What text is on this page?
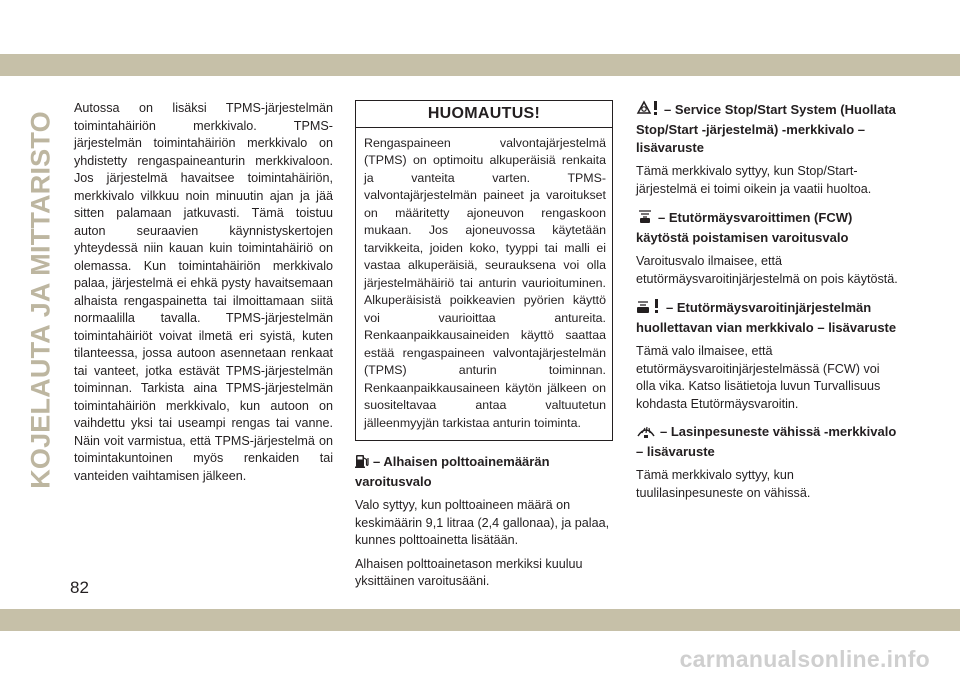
KOJELAUTA JA MITTARISTO

Autossa on lisäksi TPMS-järjestelmän toimintahäiriön merkkivalo. TPMS-järjestelmän toimintahäiriön merkkivalo on yhdistetty rengaspaineanturin merkkivaloon. Jos järjestelmä havaitsee toimintahäiriön, merkkivalo vilkkuu noin minuutin ajan ja jää sitten palamaan jatkuvasti. Tämä toistuu auton seuraavien käynnistyskertojen yhteydessä niin kauan kuin toimintahäiriö on olemassa. Kun toimintahäiriön merkkivalo palaa, järjestelmä ei ehkä pysty havaitsemaan alhaista rengaspainetta tai ilmoittamaan siitä normaalilla tavalla. TPMS-järjestelmän toimintahäiriöt voivat ilmetä eri syistä, kuten tilanteessa, jossa autoon asennetaan renkaat tai vanteet, jotka estävät TPMS-järjestelmän toiminnan. Tarkista aina TPMS-järjestelmän toimintahäiriön merkkivalo, kun autoon on vaihdettu yksi tai useampi rengas tai vanne. Näin voit varmistua, että TPMS-järjestelmä on toimintakuntoinen myös renkaiden tai vanteiden vaihtamisen jälkeen.

HUOMAUTUS!
Rengaspaineen valvontajärjestelmä (TPMS) on optimoitu alkuperäisiä renkaita ja vanteita varten. TPMS-valvontajärjestelmän paineet ja varoitukset on määritetty ajoneuvon rengaskoon mukaan. Jos ajoneuvossa käytetään tarvikkeita, joiden koko, tyyppi tai malli ei vastaa alkuperäisiä, seurauksena voi olla järjestelmähäiriö tai anturin vaurioituminen. Alkuperäisistä poikkeavien pyörien käyttö voi vaurioittaa antureita. Renkaanpaikkausaineiden käyttö saattaa estää rengaspaineen valvontajärjestelmän (TPMS) anturin toiminnan. Renkaanpaikkausaineen käytön jälkeen on suositeltavaa antaa valtuutetun jälleenmyyjän tarkistaa anturin toiminta.

– Alhaisen polttoainemäärän varoitusvalo

Valo syttyy, kun polttoaineen määrä on keskimäärin 9,1 litraa (2,4 gallonaa), ja palaa, kunnes polttoainetta lisätään.

Alhaisen polttoainetason merkiksi kuuluu yksittäinen varoitusääni.

– Service Stop/Start System (Huollata Stop/Start -järjestelmä) -merkkivalo – lisävaruste

Tämä merkkivalo syttyy, kun Stop/Start-järjestelmä ei toimi oikein ja vaatii huoltoa.

– Etutörmäysvaroittimen (FCW) käytöstä poistamisen varoitusvalo

Varoitusvalo ilmaisee, että etutörmäysvaroitinjärjestelmä on pois käytöstä.

– Etutörmäysvaroitinjärjestelmän huollettavan vian merkkivalo – lisävaruste

Tämä valo ilmaisee, että etutörmäysvaroitinjärjestelmässä (FCW) voi olla vika. Katso lisätietoja luvun Turvallisuus kohdasta Etutörmäysvaroitin.

– Lasinpesuneste vähissä -merkkivalo – lisävaruste

Tämä merkkivalo syttyy, kun tuulilasinpesuneste on vähissä.

82
carmanualsonline.info
